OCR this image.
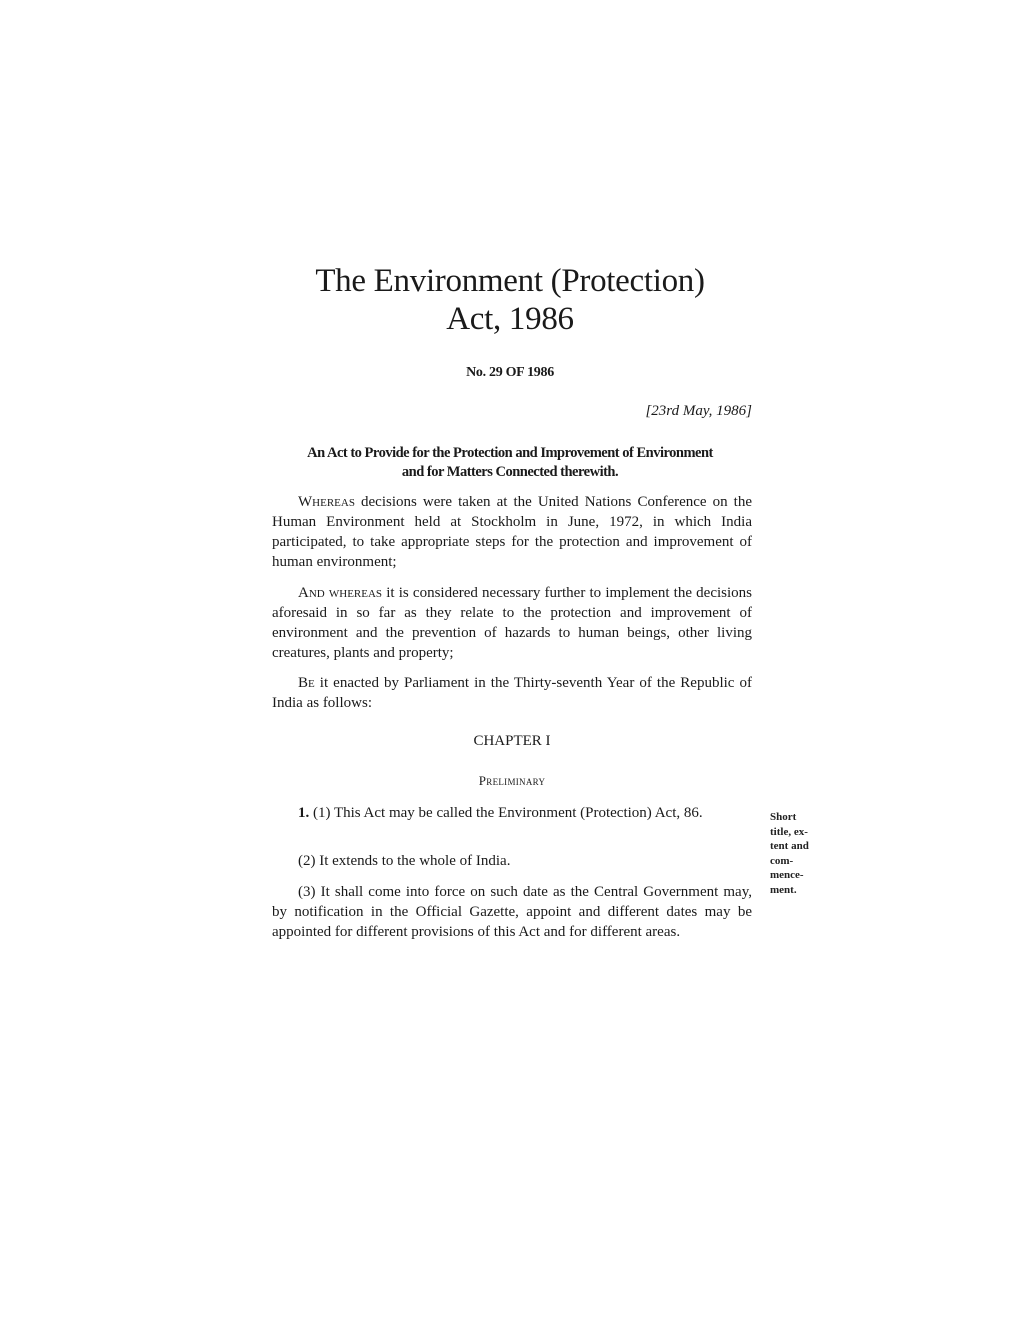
The Environment (Protection)
Act, 1986
No. 29 OF 1986
[23rd May, 1986]
An Act to Provide for the Protection and Improvement of Environment
and for Matters Connected therewith.
Whereas decisions were taken at the United Nations Conference on the Human Environment held at Stockholm in June, 1972, in which India participated, to take appropriate steps for the protection and improvement of human environment;
And whereas it is considered necessary further to implement the decisions aforesaid in so far as they relate to the protection and improvement of environment and the prevention of hazards to human beings, other living creatures, plants and property;
Be it enacted by Parliament in the Thirty-seventh Year of the Republic of India as follows:
CHAPTER I
Preliminary
1. (1) This Act may be called the Environment (Protection) Act, 86.
(2) It extends to the whole of India.
(3) It shall come into force on such date as the Central Government may, by notification in the Official Gazette, appoint and different dates may be appointed for different provisions of this Act and for different areas.
Short
title, ex-
tent and
com-
mence-
ment.
